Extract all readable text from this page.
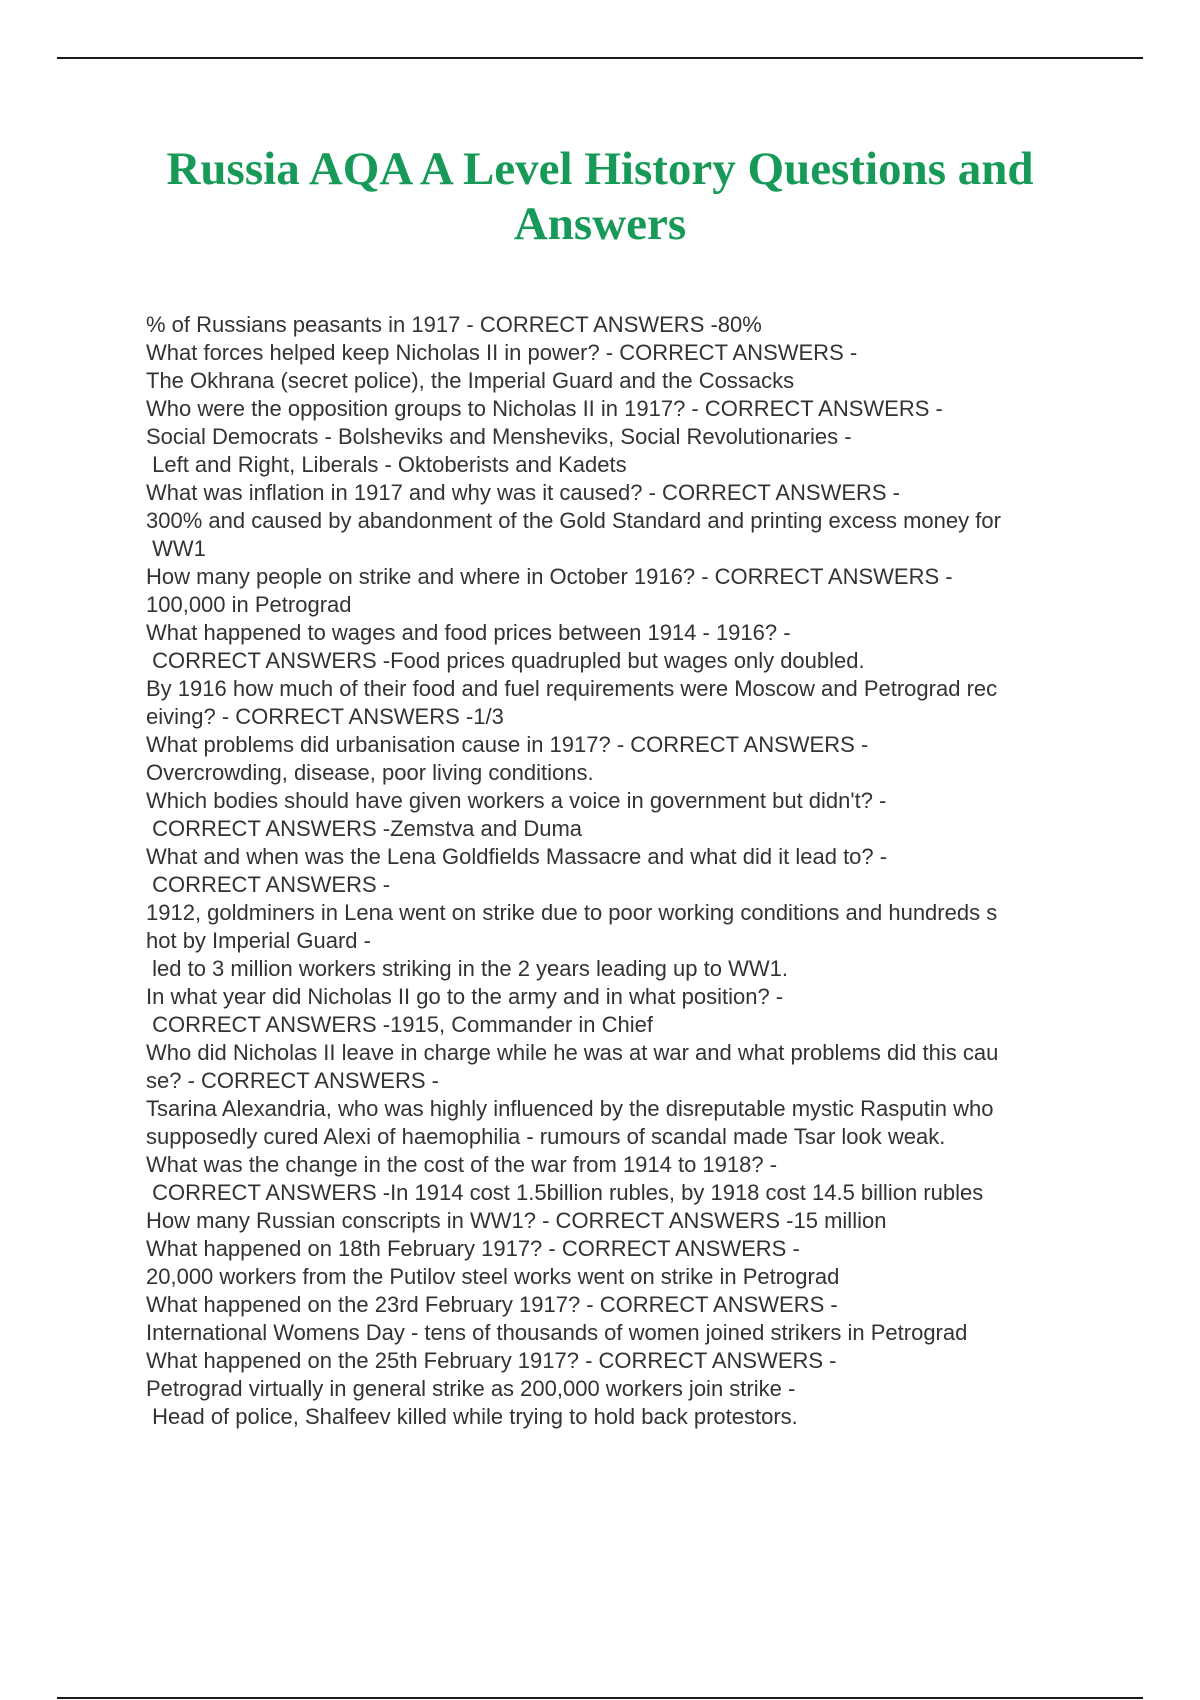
Russia AQA A Level History Questions and Answers
% of Russians peasants in 1917 - CORRECT ANSWERS -80%
What forces helped keep Nicholas II in power? - CORRECT ANSWERS -
The Okhrana (secret police), the Imperial Guard and the Cossacks
Who were the opposition groups to Nicholas II in 1917? - CORRECT ANSWERS -
Social Democrats - Bolsheviks and Mensheviks, Social Revolutionaries -
Left and Right, Liberals - Oktoberists and Kadets
What was inflation in 1917 and why was it caused? - CORRECT ANSWERS -
300% and caused by abandonment of the Gold Standard and printing excess money for
WW1
How many people on strike and where in October 1916? - CORRECT ANSWERS -
100,000 in Petrograd
What happened to wages and food prices between 1914 - 1916? -
CORRECT ANSWERS -Food prices quadrupled but wages only doubled.
By 1916 how much of their food and fuel requirements were Moscow and Petrograd rec
eiving? - CORRECT ANSWERS -1/3
What problems did urbanisation cause in 1917? - CORRECT ANSWERS -
Overcrowding, disease, poor living conditions.
Which bodies should have given workers a voice in government but didn't? -
CORRECT ANSWERS -Zemstva and Duma
What and when was the Lena Goldfields Massacre and what did it lead to? -
CORRECT ANSWERS -
1912, goldminers in Lena went on strike due to poor working conditions and hundreds s
hot by Imperial Guard -
led to 3 million workers striking in the 2 years leading up to WW1.
In what year did Nicholas II go to the army and in what position? -
CORRECT ANSWERS -1915, Commander in Chief
Who did Nicholas II leave in charge while he was at war and what problems did this cau
se? - CORRECT ANSWERS -
Tsarina Alexandria, who was highly influenced by the disreputable mystic Rasputin who
supposedly cured Alexi of haemophilia - rumours of scandal made Tsar look weak.
What was the change in the cost of the war from 1914 to 1918? -
CORRECT ANSWERS -In 1914 cost 1.5billion rubles, by 1918 cost 14.5 billion rubles
How many Russian conscripts in WW1? - CORRECT ANSWERS -15 million
What happened on 18th February 1917? - CORRECT ANSWERS -
20,000 workers from the Putilov steel works went on strike in Petrograd
What happened on the 23rd February 1917? - CORRECT ANSWERS -
International Womens Day - tens of thousands of women joined strikers in Petrograd
What happened on the 25th February 1917? - CORRECT ANSWERS -
Petrograd virtually in general strike as 200,000 workers join strike -
Head of police, Shalfeev killed while trying to hold back protestors.
